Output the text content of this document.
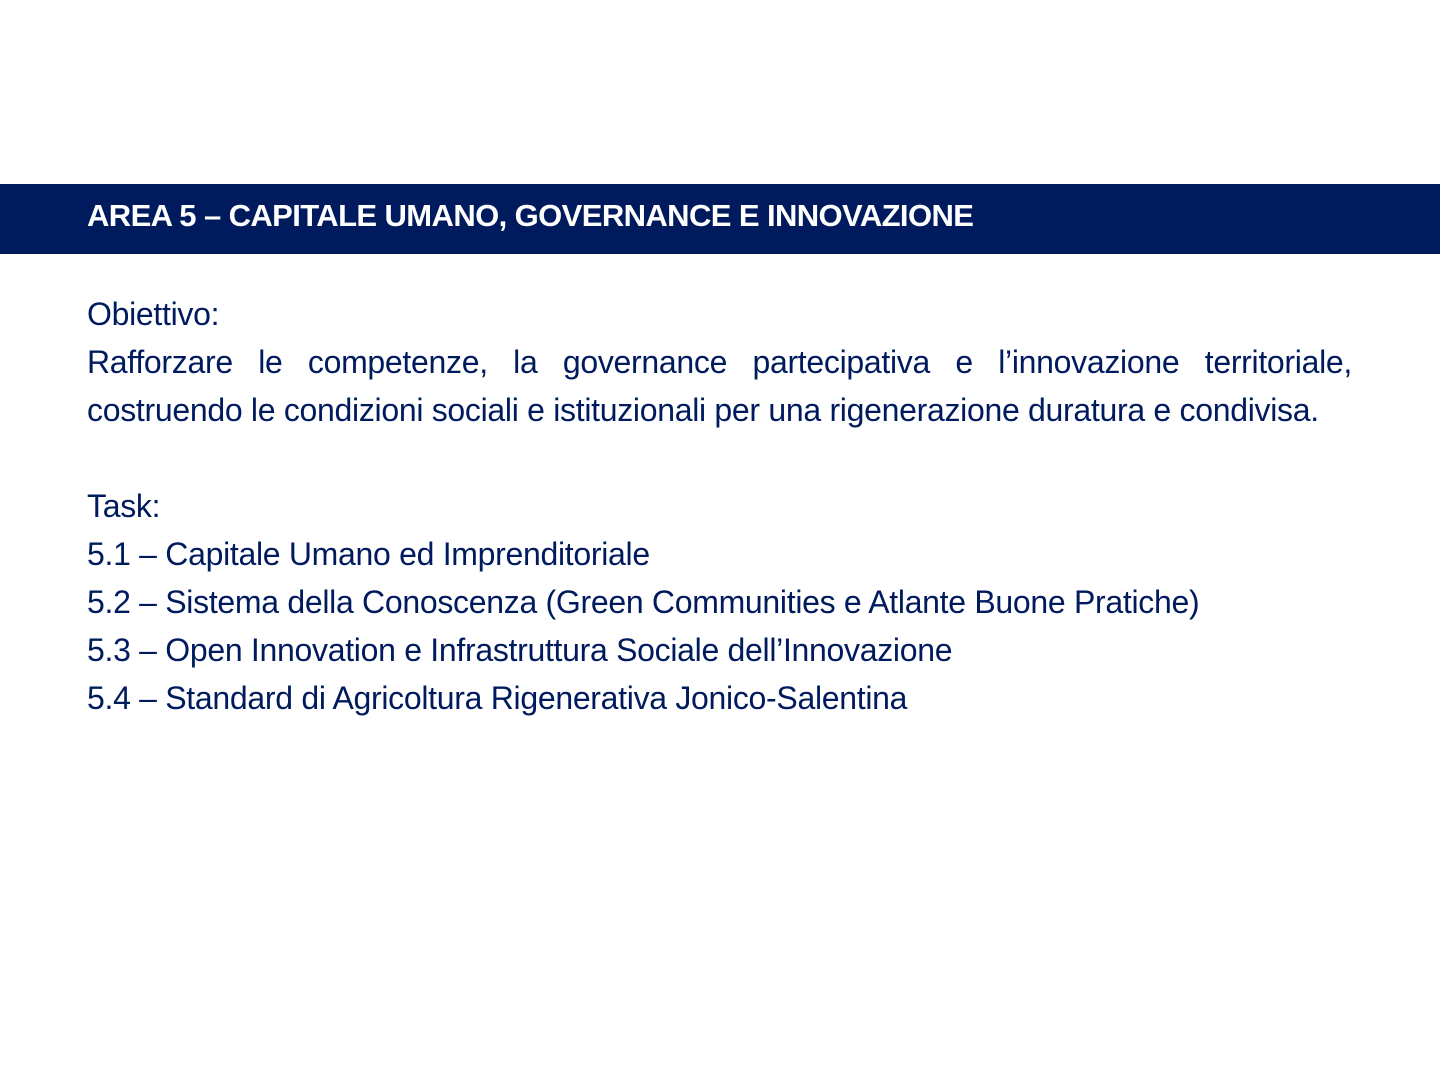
AREA 5 – CAPITALE UMANO, GOVERNANCE E INNOVAZIONE
Obiettivo:
Rafforzare le competenze, la governance partecipativa e l’innovazione territoriale, costruendo le condizioni sociali e istituzionali per una rigenerazione duratura e condivisa.
Task:
5.1 – Capitale Umano ed Imprenditoriale
5.2 – Sistema della Conoscenza (Green Communities e Atlante Buone Pratiche)
5.3 – Open Innovation e Infrastruttura Sociale dell’Innovazione
5.4 – Standard di Agricoltura Rigenerativa Jonico-Salentina
